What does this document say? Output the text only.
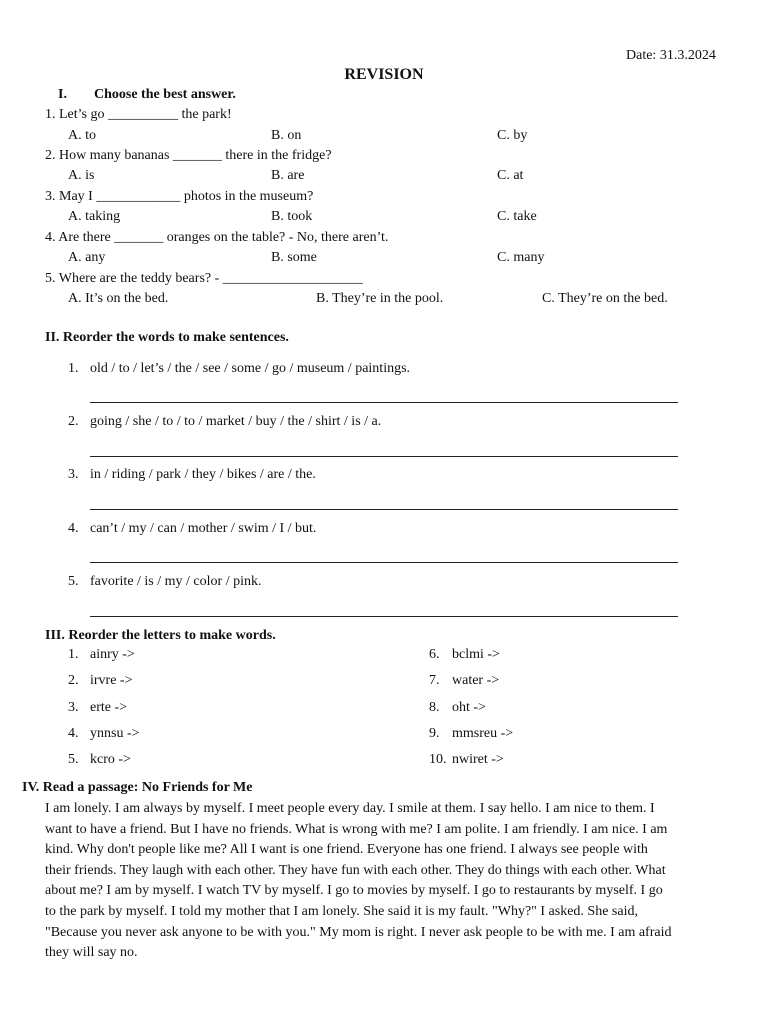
Date: 31.3.2024
REVISION
I. Choose the best answer.
1. Let’s go __________ the park!
A. to	B. on	C. by
2. How many bananas _______ there in the fridge?
A. is	B. are	C. at
3. May I ____________ photos in the museum?
A. taking	B. took	C. take
4. Are there _______ oranges on the table? - No, there aren’t.
A. any	B. some	C. many
5. Where are the teddy bears? - ____________________
A. It’s on the bed.	B. They’re in the pool.	C. They’re on the bed.
II. Reorder the words to make sentences.
1. old / to / let’s / the / see / some / go / museum / paintings.
2. going / she / to / to / market / buy / the / shirt / is / a.
3. in / riding / park / they / bikes / are / the.
4. can’t / my / can / mother / swim / I / but.
5. favorite / is / my / color / pink.
III. Reorder the letters to make words.
1. ainry ->
2. irvre ->
3. erte ->
4. ynnsu ->
5. kcro ->
6. bclmi ->
7. water ->
8. oht ->
9. mmsreu ->
10. nwiret ->
IV. Read a passage: No Friends for Me
I am lonely. I am always by myself. I meet people every day. I smile at them. I say hello. I am nice to them. I
want to have a friend. But I have no friends. What is wrong with me? I am polite. I am friendly. I am nice. I am
kind. Why don't people like me? All I want is one friend. Everyone has one friend. I always see people with
their friends. They laugh with each other. They have fun with each other. They do things with each other. What
about me? I am by myself. I watch TV by myself. I go to movies by myself. I go to restaurants by myself. I go
to the park by myself. I told my mother that I am lonely. She said it is my fault. "Why?" I asked. She said,
"Because you never ask anyone to be with you." My mom is right. I never ask people to be with me. I am afraid
they will say no.
